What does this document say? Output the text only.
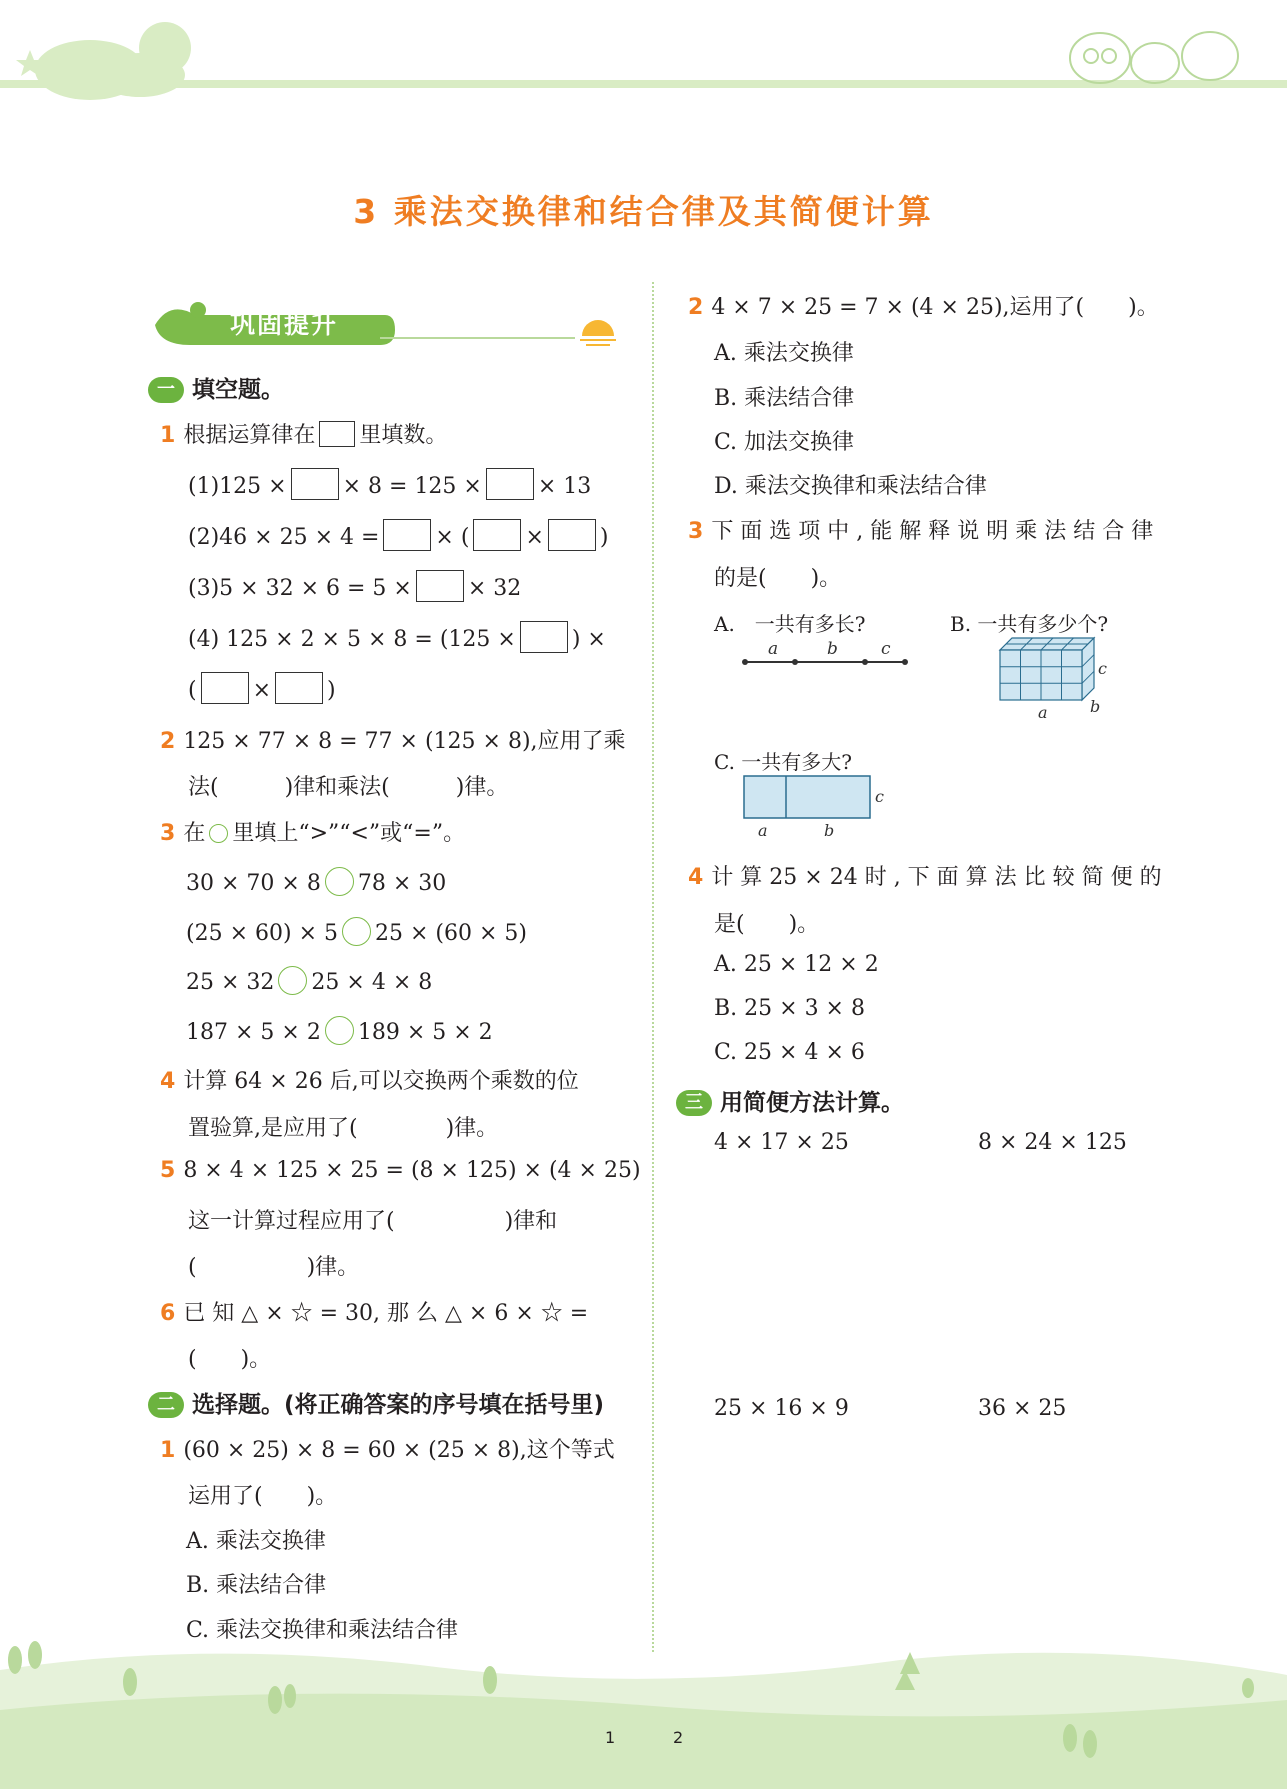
3 乘法交换律和结合律及其简便计算
巩固提升
一 填空题。
1 根据运算律在 里填数。
(1)125 ×	× 8 = 125 ×	× 13
(2)46 × 25 × 4 =	× (	×	)
(3)5 × 32 × 6 = 5 ×	× 32
(4) 125 × 2 × 5 × 8 = (125 ×	) ×
(	×	)
2 125 × 77 × 8 = 77 × (125 × 8),应用了乘
法(　　　)律和乘法(　　　)律。
3 在 里填上“>”“<”或“=”。
30 × 70 × 8 78 × 30
(25 × 60) × 5 25 × (60 × 5)
25 × 32 25 × 4 × 8
187 × 5 × 2 189 × 5 × 2
4 计算 64 × 26 后,可以交换两个乘数的位
置验算,是应用了(　　　　)律。
5 8 × 4 × 125 × 25 = (8 × 125) × (4 × 25)
这一计算过程应用了(　　　　　)律和
(　　　　　)律。
6 已 知 △ × ☆ = 30, 那 么 △ × 6 × ☆ =
(　　)。
二 选择题。(将正确答案的序号填在括号里)
1 (60 × 25) × 8 = 60 × (25 × 8),这个等式
运用了(　　)。
A. 乘法交换律
B. 乘法结合律
C. 乘法交换律和乘法结合律
2 4 × 7 × 25 = 7 × (4 × 25),运用了(　　)。
A. 乘法交换律
B. 乘法结合律
C. 加法交换律
D. 乘法交换律和乘法结合律
3 下 面 选 项 中 , 能 解 释 说 明 乘 法 结 合 律
的是(　　)。
A.　一共有多长?	B. 一共有多少个?
a	b	c
a
c
b
C. 一共有多大?
a	b
c
4 计 算 25 × 24 时 , 下 面 算 法 比 较 简 便 的
是(　　)。
A. 25 × 12 × 2
B. 25 × 3 × 8
C. 25 × 4 × 6
三 用简便方法计算。
4 × 17 × 25	8 × 24 × 125
25 × 16 × 9	36 × 25
1	2
